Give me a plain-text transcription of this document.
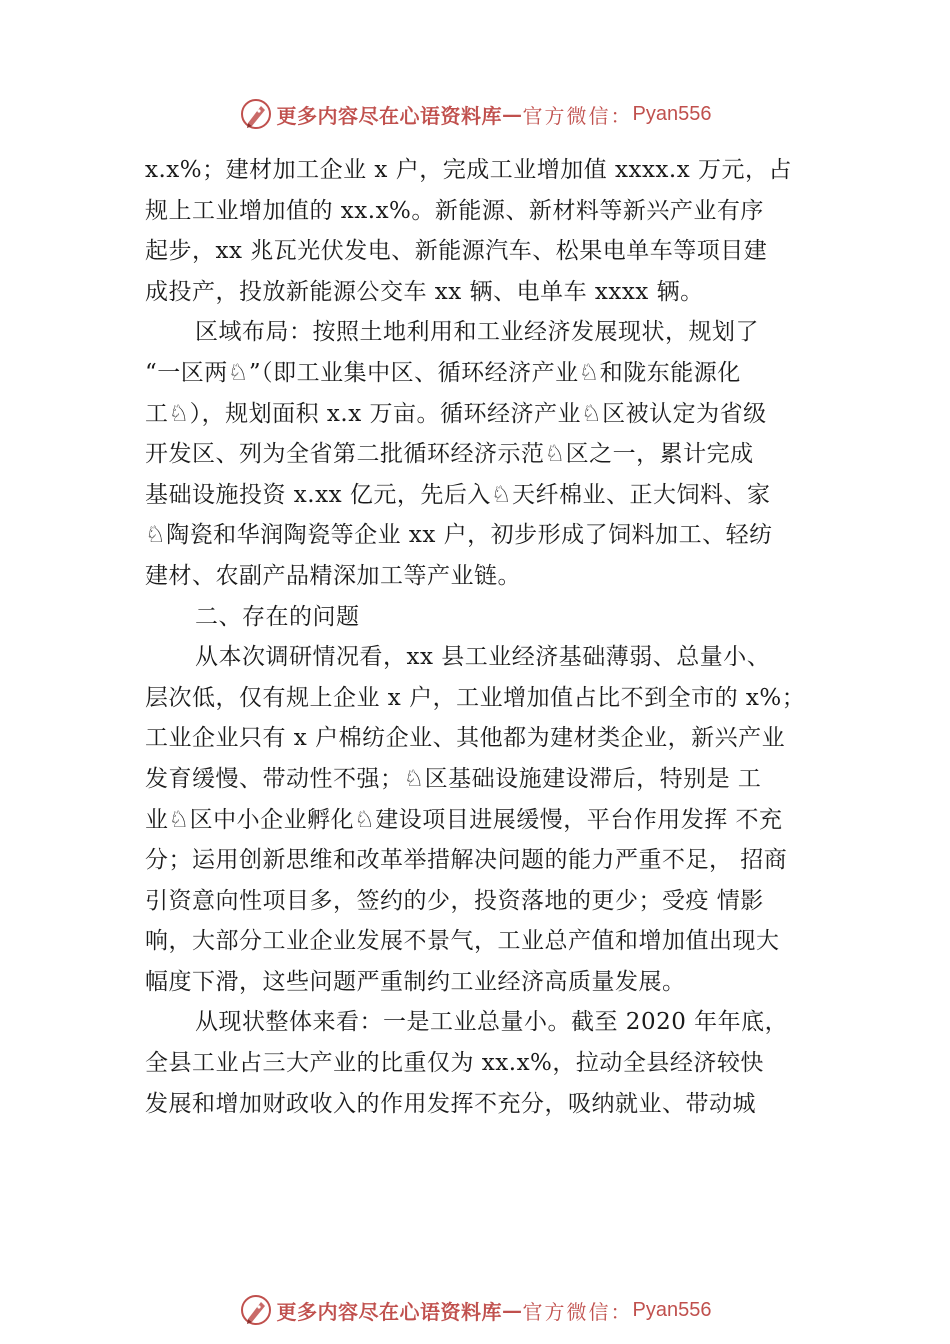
更多内容尽在心语资料库 — 官方微信： Pyan556
x.x%；建材加工企业 x 户，完成工业增加值 xxxx.x 万元，占
规上工业增加值的 xx.x%。新能源、新材料等新兴产业有序
起步，xx 兆瓦光伏发电、新能源汽车、松果电单车等项目建
成投产，投放新能源公交车 xx 辆、电单车 xxxx 辆。
区域布局：按照土地利用和工业经济发展现状，规划了
“一区两♘”（即工业集中区、循环经济产业♘和陇东能源化
工♘），规划面积 x.x 万亩。循环经济产业♘区被认定为省级
开发区、列为全省第二批循环经济示范♘区之一，累计完成
基础设施投资 x.xx 亿元，先后入♘天纤棉业、正大饲料、家
♘陶瓷和华润陶瓷等企业 xx 户，初步形成了饲料加工、轻纺
建材、农副产品精深加工等产业链。
二、存在的问题
从本次调研情况看，xx 县工业经济基础薄弱、总量小、
层次低，仅有规上企业 x 户，工业增加值占比不到全市的 x%；
工业企业只有 x 户棉纺企业、其他都为建材类企业，新兴产业
发育缓慢、带动性不强；♘区基础设施建设滞后，特别是 工
业♘区中小企业孵化♘建设项目进展缓慢，平台作用发挥 不充
分；运用创新思维和改革举措解决问题的能力严重不足， 招商
引资意向性项目多，签约的少，投资落地的更少；受疫 情影
响，大部分工业企业发展不景气，工业总产值和增加值出现大
幅度下滑，这些问题严重制约工业经济高质量发展。
从现状整体来看：一是工业总量小。截至 2020 年年底，
全县工业占三大产业的比重仅为 xx.x%，拉动全县经济较快
发展和增加财政收入的作用发挥不充分，吸纳就业、带动城
更多内容尽在心语资料库 — 官方微信： Pyan556
